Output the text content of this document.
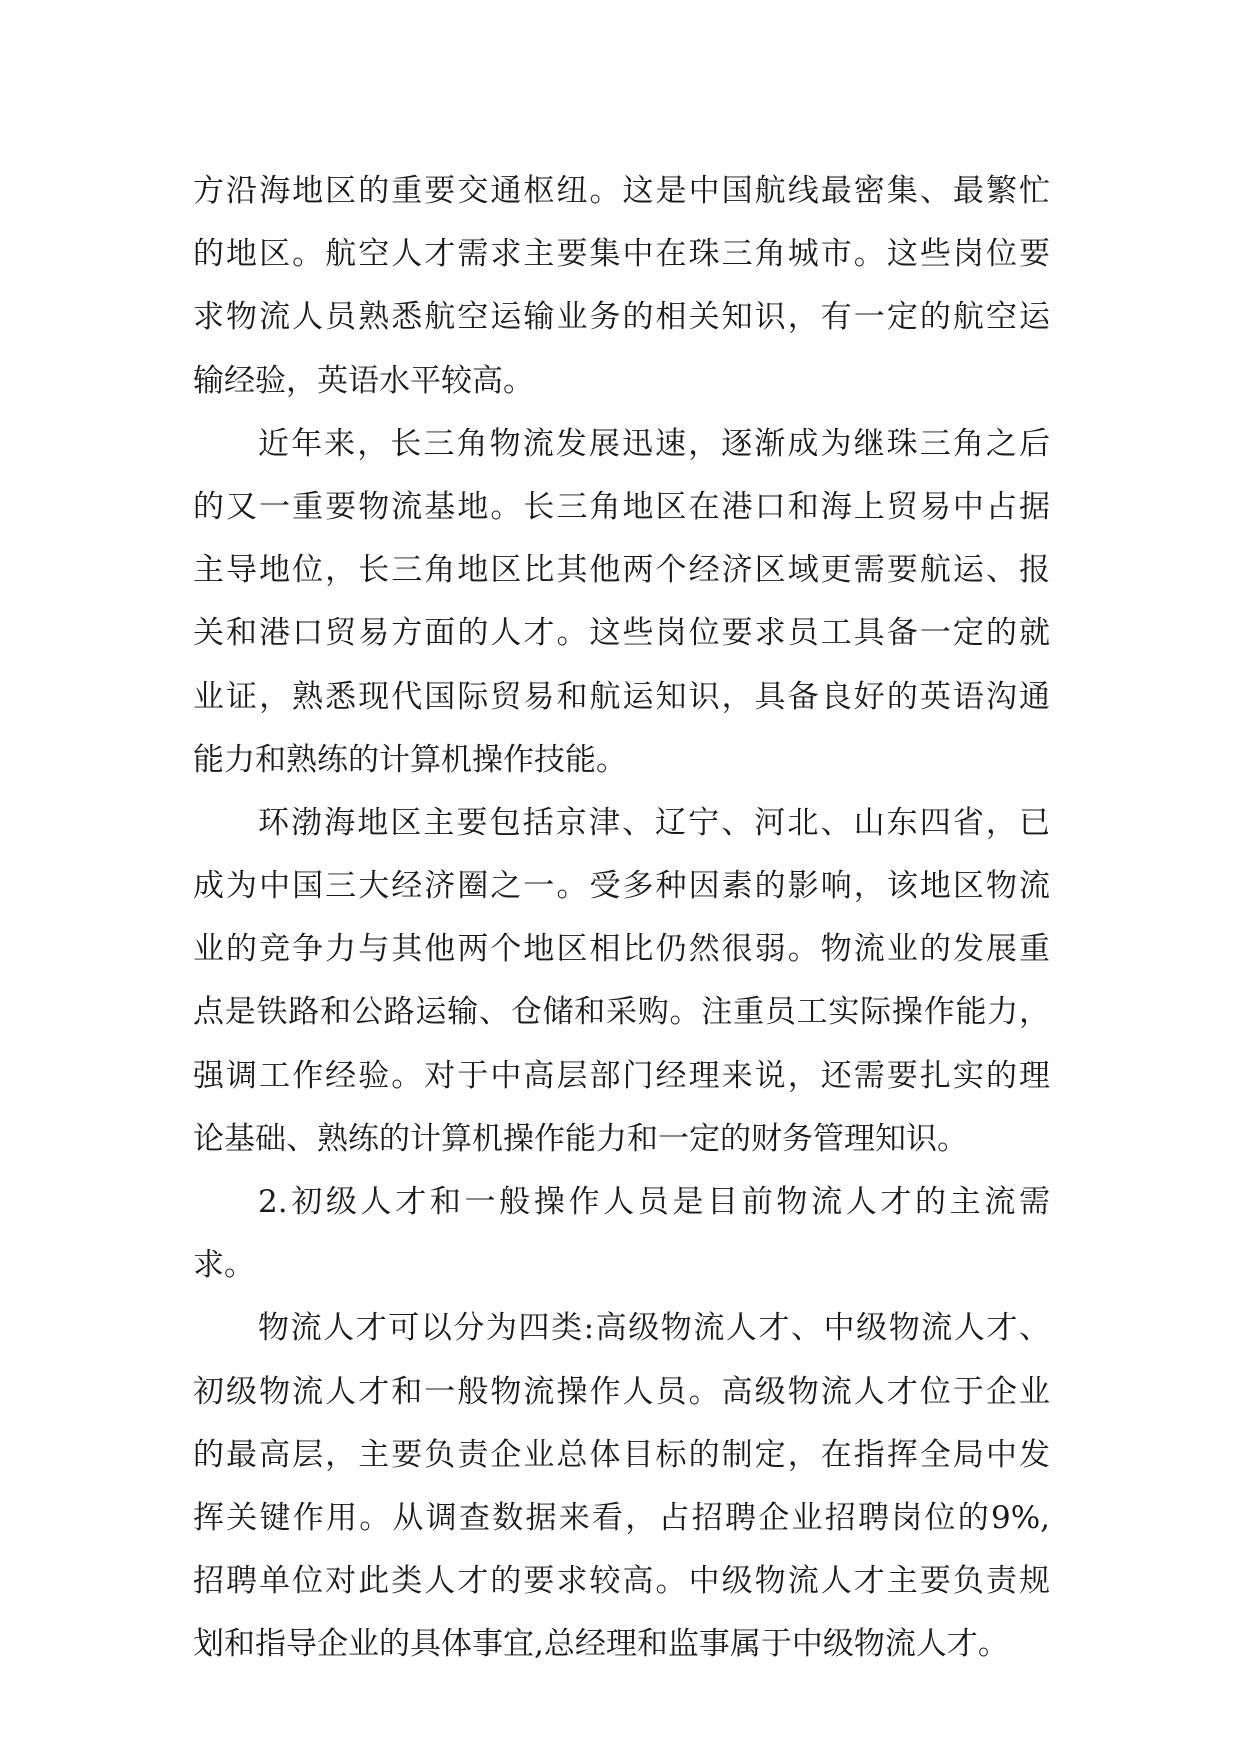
方沿海地区的重要交通枢纽。这是中国航线最密集、最繁忙
的地区。航空人才需求主要集中在珠三角城市。这些岗位要
求物流人员熟悉航空运输业务的相关知识，有一定的航空运
输经验，英语水平较高。
近年来，长三角物流发展迅速，逐渐成为继珠三角之后
的又一重要物流基地。长三角地区在港口和海上贸易中占据
主导地位，长三角地区比其他两个经济区域更需要航运、报
关和港口贸易方面的人才。这些岗位要求员工具备一定的就
业证，熟悉现代国际贸易和航运知识，具备良好的英语沟通
能力和熟练的计算机操作技能。
环渤海地区主要包括京津、辽宁、河北、山东四省，已
成为中国三大经济圈之一。受多种因素的影响，该地区物流
业的竞争力与其他两个地区相比仍然很弱。物流业的发展重
点是铁路和公路运输、仓储和采购。注重员工实际操作能力，
强调工作经验。对于中高层部门经理来说，还需要扎实的理
论基础、熟练的计算机操作能力和一定的财务管理知识。
2.初级人才和一般操作人员是目前物流人才的主流需
求。
物流人才可以分为四类:高级物流人才、中级物流人才、
初级物流人才和一般物流操作人员。高级物流人才位于企业
的最高层，主要负责企业总体目标的制定，在指挥全局中发
挥关键作用。从调查数据来看，占招聘企业招聘岗位的9%,
招聘单位对此类人才的要求较高。中级物流人才主要负责规
划和指导企业的具体事宜,总经理和监事属于中级物流人才。
